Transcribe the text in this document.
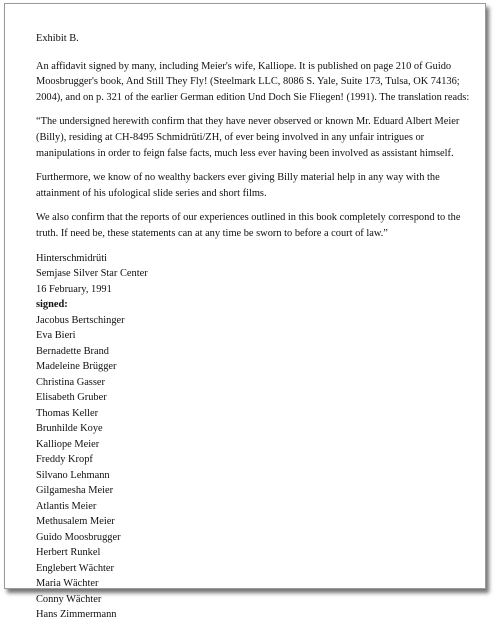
Exhibit B.

An affidavit signed by many, including Meier's wife, Kalliope. It is published on page 210 of Guido Moosbrugger's book, And Still They Fly! (Steelmark LLC, 8086 S. Yale, Suite 173, Tulsa, OK 74136; 2004), and on p. 321 of the earlier German edition Und Doch Sie Fliegen! (1991). The translation reads:

“The undersigned herewith confirm that they have never observed or known Mr. Eduard Albert Meier (Billy), residing at CH-8495 Schmidrüti/ZH, of ever being involved in any unfair intrigues or manipulations in order to feign false facts, much less ever having been involved as assistant himself.

Furthermore, we know of no wealthy backers ever giving Billy material help in any way with the attainment of his ufological slide series and short films.

We also confirm that the reports of our experiences outlined in this book completely correspond to the truth. If need be, these statements can at any time be sworn to before a court of law.”

Hinterschmidrüti

Semjase Silver Star Center

16 February, 1991

signed:

Jacobus Bertschinger

Eva Bieri

Bernadette Brand

Madeleine Brügger

Christina Gasser

Elisabeth Gruber

Thomas Keller

Brunhilde Koye

Kalliope Meier

Freddy Kropf

Silvano Lehmann

Gilgamesha Meier

Atlantis Meier

Methusalem Meier

Guido Moosbrugger

Herbert Runkel

Englebert Wächter

Maria Wächter

Conny Wächter

Hans Zimmermann
